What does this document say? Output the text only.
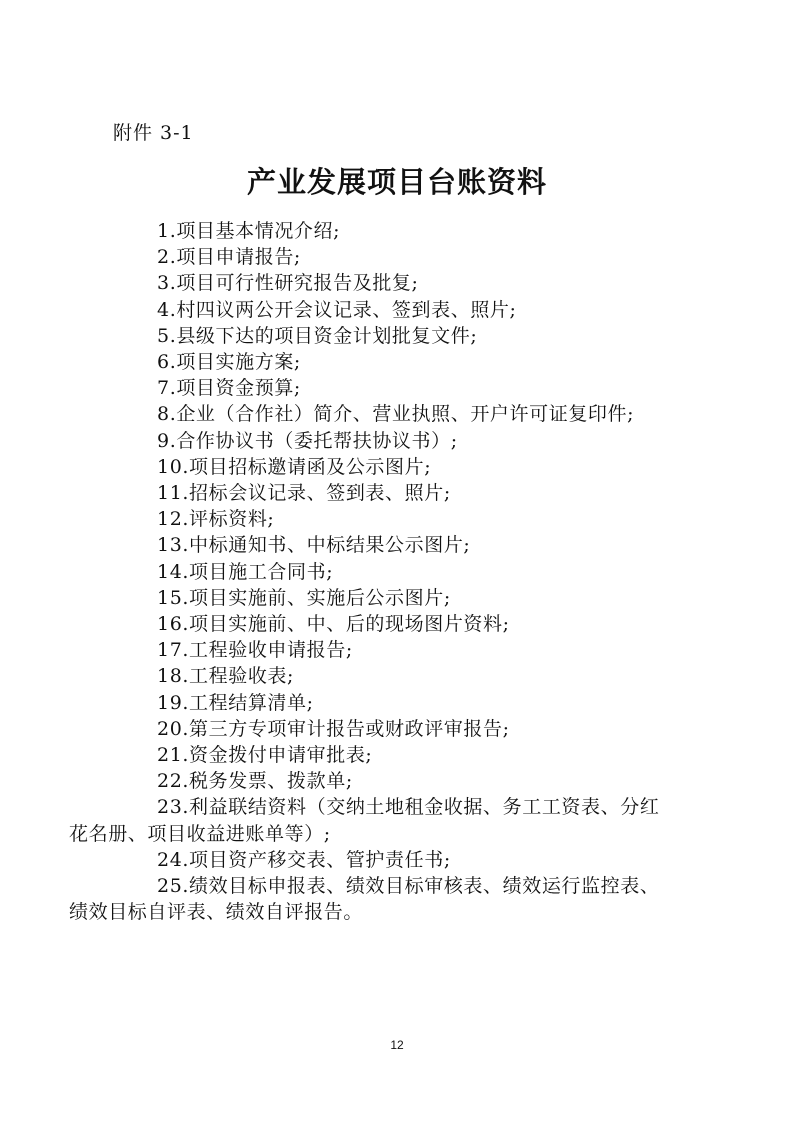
附件 3-1
产业发展项目台账资料
1.项目基本情况介绍;
2.项目申请报告;
3.项目可行性研究报告及批复;
4.村四议两公开会议记录、签到表、照片;
5.县级下达的项目资金计划批复文件;
6.项目实施方案;
7.项目资金预算;
8.企业（合作社）简介、营业执照、开户许可证复印件;
9.合作协议书（委托帮扶协议书）;
10.项目招标邀请函及公示图片;
11.招标会议记录、签到表、照片;
12.评标资料;
13.中标通知书、中标结果公示图片;
14.项目施工合同书;
15.项目实施前、实施后公示图片;
16.项目实施前、中、后的现场图片资料;
17.工程验收申请报告;
18.工程验收表;
19.工程结算清单;
20.第三方专项审计报告或财政评审报告;
21.资金拨付申请审批表;
22.税务发票、拨款单;
23.利益联结资料（交纳土地租金收据、务工工资表、分红
花名册、项目收益进账单等）;
24.项目资产移交表、管护责任书;
25.绩效目标申报表、绩效目标审核表、绩效运行监控表、
绩效目标自评表、绩效自评报告。
12
